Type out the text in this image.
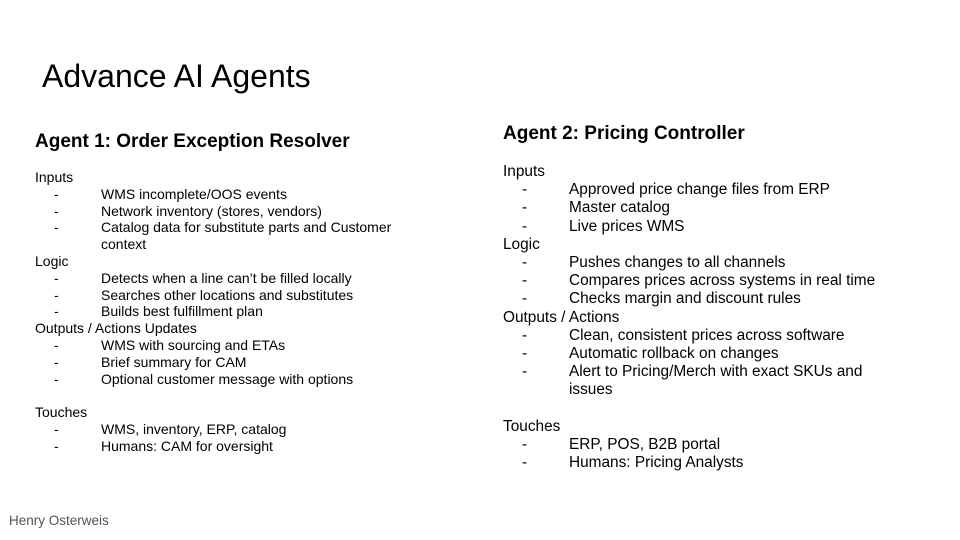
Advance AI Agents
Agent 1: Order Exception Resolver

Inputs

-	WMS incomplete/OOS events
-	Network inventory (stores, vendors)
-	Catalog data for substitute parts and Customer context

Logic

-	Detects when a line can’t be filled locally
-	Searches other locations and substitutes
-	Builds best fulfillment plan

Outputs / Actions Updates

-	WMS with sourcing and ETAs
-	Brief summary for CAM
-	Optional customer message with options

Touches

-	WMS, inventory, ERP, catalog
-	Humans: CAM for oversight
Agent 2: Pricing Controller

Inputs

-	Approved price change files from ERP
-	Master catalog
-	Live prices WMS

Logic

-	Pushes changes to all channels
-	Compares prices across systems in real time
-	Checks margin and discount rules

Outputs / Actions

-	Clean, consistent prices across software
-	Automatic rollback on changes
-	Alert to Pricing/Merch with exact SKUs and issues

Touches

-	ERP, POS, B2B portal
-	Humans: Pricing Analysts
Henry Osterweis
